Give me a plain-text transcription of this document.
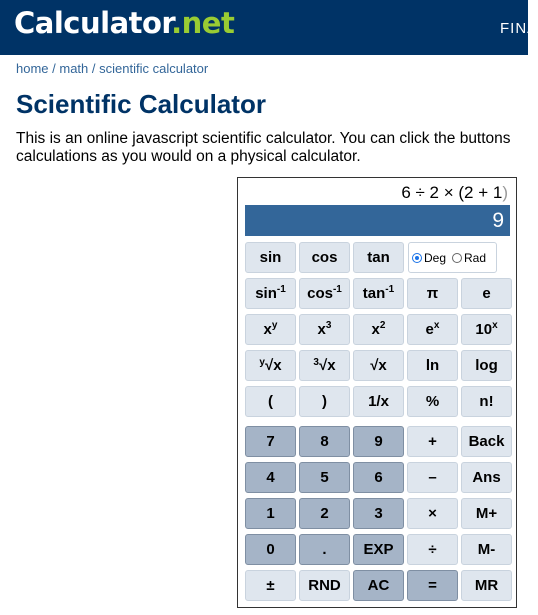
Calculator.net	FINA
home / math / scientific calculator
Scientific Calculator
This is an online javascript scientific calculator. You can click the buttons
calculations as you would on a physical calculator.
6 ÷ 2 × (2 + 1)
9
sin	cos	tan	Deg Rad
$\sin^{-1}$	$\cos^{-1}$	$\tan^{-1}$	π	e
$x^y$	$x^3$	$x^2$	$e^x$	10$^x$
$^y$√x	$^3$√x	√x	ln	log
(	)	1/x	%	n!
7	8	9	+	Back
4	5	6	–	Ans
1	2	3	×	M+
0	.	EXP	÷	M-
±	RND	AC	=	MR
